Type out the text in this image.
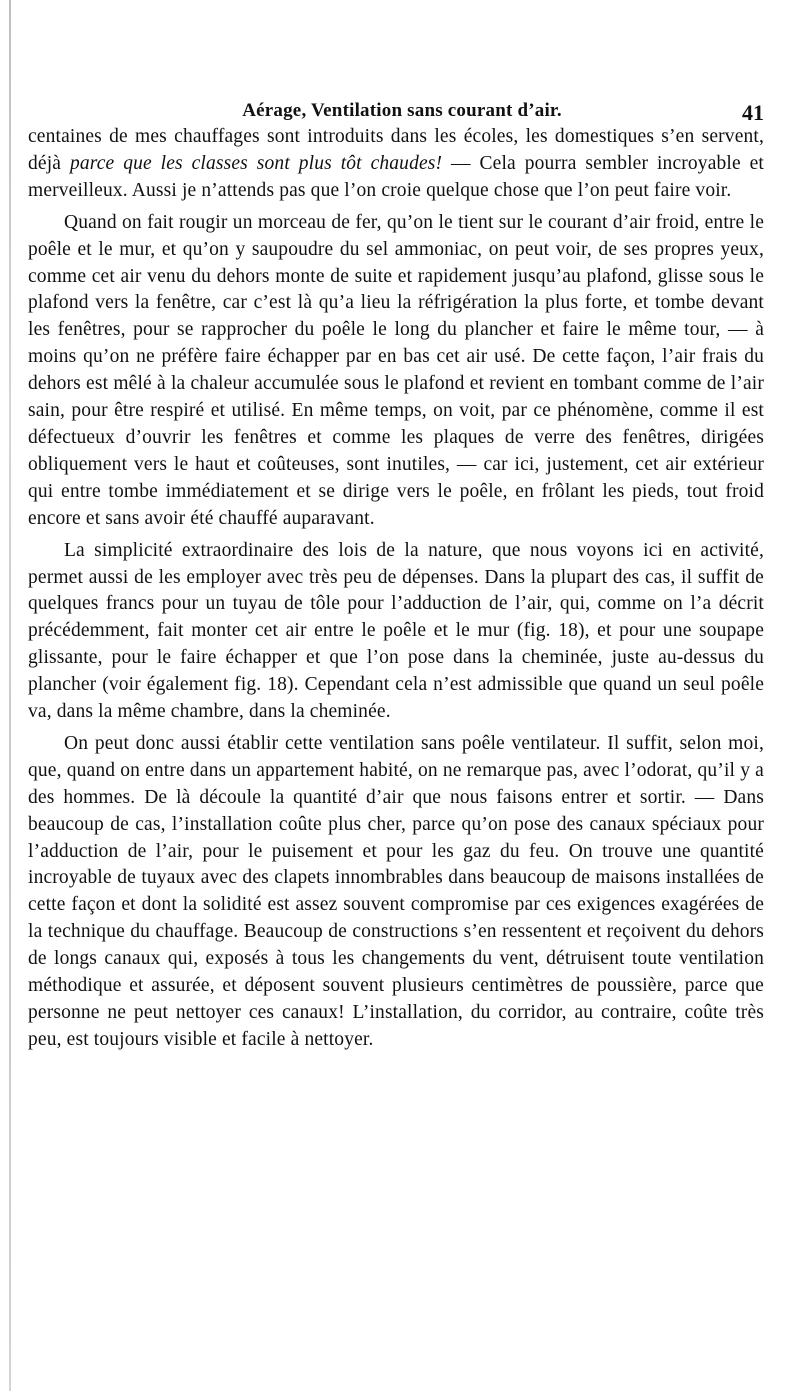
Aérage, Ventilation sans courant d’air.	41

centaines de mes chauffages sont introduits dans les écoles, les domestiques s’en servent, déjà parce que les classes sont plus tôt chaudes! — Cela pourra sembler incroyable et merveilleux. Aussi je n’attends pas que l’on croie quelque chose que l’on peut faire voir.

Quand on fait rougir un morceau de fer, qu’on le tient sur le courant d’air froid, entre le poêle et le mur, et qu’on y saupoudre du sel ammoniac, on peut voir, de ses propres yeux, comme cet air venu du dehors monte de suite et rapidement jusqu’au plafond, glisse sous le plafond vers la fenêtre, car c’est là qu’a lieu la réfrigération la plus forte, et tombe devant les fenêtres, pour se rapprocher du poêle le long du plancher et faire le même tour, — à moins qu’on ne préfère faire échapper par en bas cet air usé. De cette façon, l’air frais du dehors est mêlé à la chaleur accumulée sous le plafond et revient en tombant comme de l’air sain, pour être respiré et utilisé. En même temps, on voit, par ce phénomène, comme il est défectueux d’ouvrir les fenêtres et comme les plaques de verre des fenêtres, dirigées obliquement vers le haut et coûteuses, sont inutiles, — car ici, justement, cet air extérieur qui entre tombe immédiatement et se dirige vers le poêle, en frôlant les pieds, tout froid encore et sans avoir été chauffé auparavant.

La simplicité extraordinaire des lois de la nature, que nous voyons ici en activité, permet aussi de les employer avec très peu de dépenses. Dans la plupart des cas, il suffit de quelques francs pour un tuyau de tôle pour l’adduction de l’air, qui, comme on l’a décrit précédemment, fait monter cet air entre le poêle et le mur (fig. 18), et pour une soupape glissante, pour le faire échapper et que l’on pose dans la cheminée, juste au-dessus du plancher (voir également fig. 18). Cependant cela n’est admissible que quand un seul poêle va, dans la même chambre, dans la cheminée.

On peut donc aussi établir cette ventilation sans poêle ventilateur. Il suffit, selon moi, que, quand on entre dans un appartement habité, on ne remarque pas, avec l’odorat, qu’il y a des hommes. De là découle la quantité d’air que nous faisons entrer et sortir. — Dans beaucoup de cas, l’installation coûte plus cher, parce qu’on pose des canaux spéciaux pour l’adduction de l’air, pour le puisement et pour les gaz du feu. On trouve une quantité incroyable de tuyaux avec des clapets innombrables dans beaucoup de maisons installées de cette façon et dont la solidité est assez souvent compromise par ces exigences exagérées de la technique du chauffage. Beaucoup de constructions s’en ressentent et reçoivent du dehors de longs canaux qui, exposés à tous les changements du vent, détruisent toute ventilation méthodique et assurée, et déposent souvent plusieurs centimètres de poussière, parce que personne ne peut nettoyer ces canaux! L’installation, du corridor, au contraire, coûte très peu, est toujours visible et facile à nettoyer.
